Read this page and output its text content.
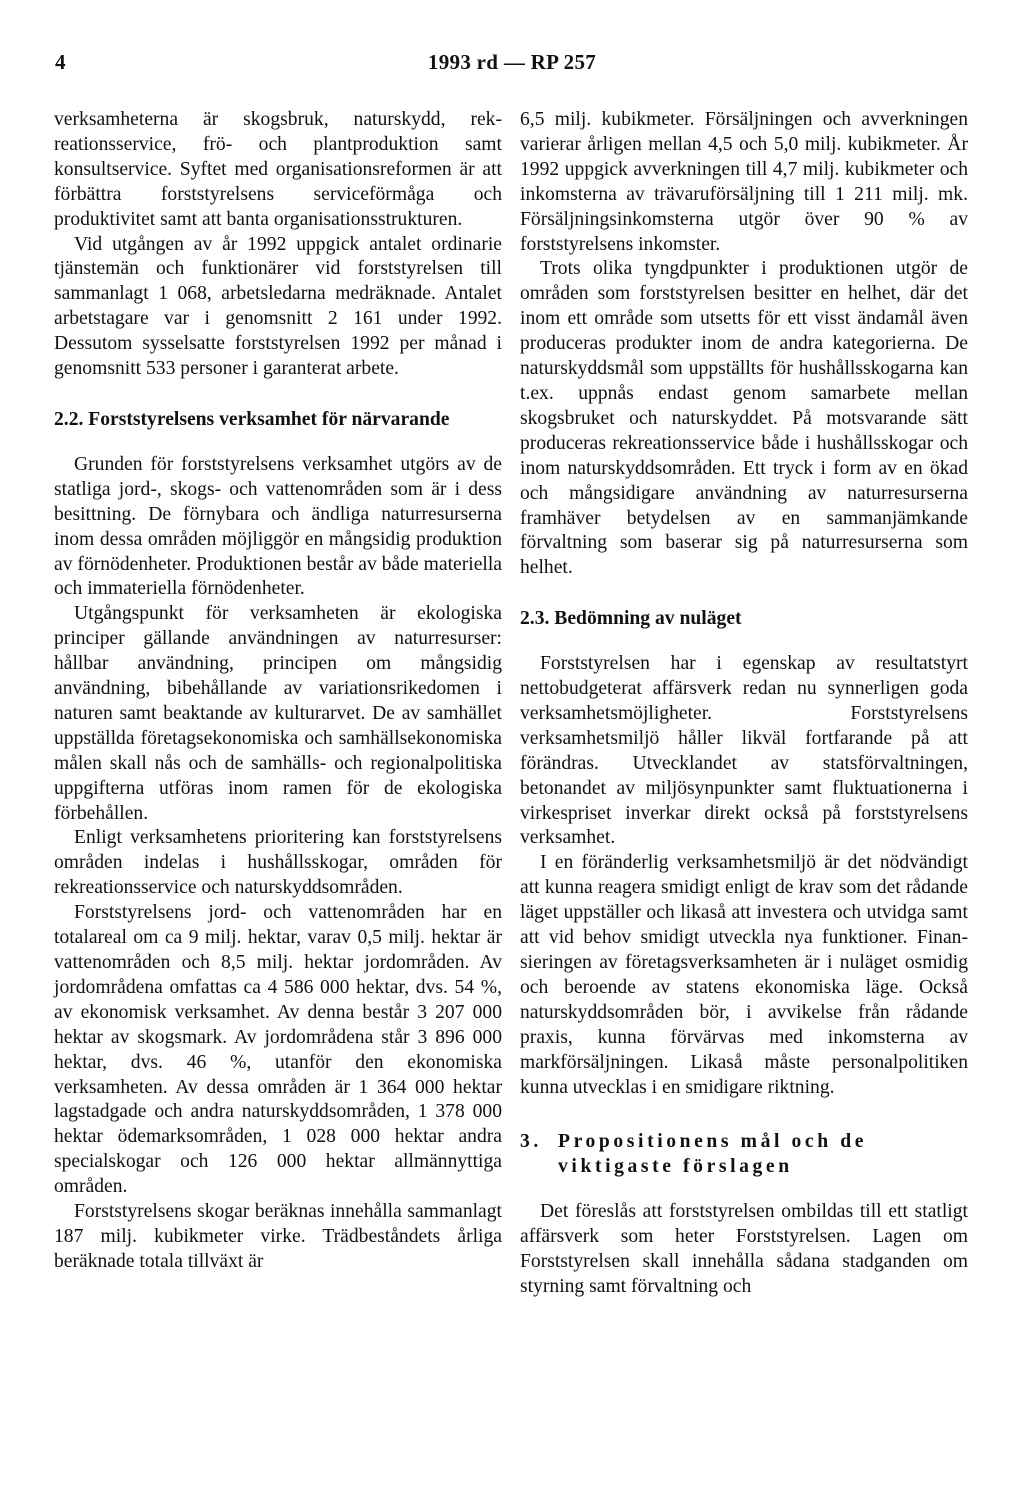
4	1993 rd — RP 257

verksamheterna är skogsbruk, naturskydd, rekreationsservice, frö- och plantproduktion samt konsultservice. Syftet med organisationsreformen är att förbättra forststyrelsens serviceförmåga och produktivitet samt att banta organisationsstrukturen.

Vid utgången av år 1992 uppgick antalet ordinarie tjänstemän och funktionärer vid forststyrelsen till sammanlagt 1 068, arbetsledarna medräknade. Antalet arbetstagare var i genomsnitt 2 161 under 1992. Dessutom sysselsatte forststyrelsen 1992 per månad i genomsnitt 533 personer i garanterat arbete.

2.2. Forststyrelsens verksamhet för närvarande

Grunden för forststyrelsens verksamhet utgörs av de statliga jord-, skogs- och vattenområden som är i dess besittning. De förnybara och ändliga naturresurserna inom dessa områden möjliggör en mångsidig produktion av förnödenheter. Produktionen består av både materiella och immateriella förnödenheter.

Utgångspunkt för verksamheten är ekologiska principer gällande användningen av naturresurser: hållbar användning, principen om mångsidig användning, bibehållande av variationsrikedomen i naturen samt beaktande av kulturarvet. De av samhället uppställda företagsekonomiska och samhällsekonomiska målen skall nås och de samhälls- och regionalpolitiska uppgifterna utföras inom ramen för de ekologiska förbehållen.

Enligt verksamhetens prioritering kan forststyrelsens områden indelas i hushållsskogar, områden för rekreationsservice och naturskyddsområden.

Forststyrelsens jord- och vattenområden har en totalareal om ca 9 milj. hektar, varav 0,5 milj. hektar är vattenområden och 8,5 milj. hektar jordområden. Av jordområdena omfattas ca 4 586 000 hektar, dvs. 54 %, av ekonomisk verksamhet. Av denna består 3 207 000 hektar av skogsmark. Av jordområdena står 3 896 000 hektar, dvs. 46 %, utanför den ekonomiska verksamheten. Av dessa områden är 1 364 000 hektar lagstadgade och andra naturskyddsområden, 1 378 000 hektar ödemarksområden, 1 028 000 hektar andra specialskogar och 126 000 hektar allmännyttiga områden.

Forststyrelsens skogar beräknas innehålla sammanlagt 187 milj. kubikmeter virke. Trädbeståndets årliga beräknade totala tillväxt är

6,5 milj. kubikmeter. Försäljningen och avverkningen varierar årligen mellan 4,5 och 5,0 milj. kubikmeter. År 1992 uppgick avverkningen till 4,7 milj. kubikmeter och inkomsterna av trävaruförsäljning till 1 211 milj. mk. Försäljningsinkomsterna utgör över 90 % av forststyrelsens inkomster.

Trots olika tyngdpunkter i produktionen utgör de områden som forststyrelsen besitter en helhet, där det inom ett område som utsetts för ett visst ändamål även produceras produkter inom de andra kategorierna. De naturskyddsmål som uppställts för hushållsskogarna kan t.ex. uppnås endast genom samarbete mellan skogsbruket och naturskyddet. På motsvarande sätt produceras rekreationsservice både i hushållsskogar och inom naturskyddsområden. Ett tryck i form av en ökad och mångsidigare användning av naturresurserna framhäver betydelsen av en sammanjämkande förvaltning som baserar sig på naturresurserna som helhet.

2.3. Bedömning av nuläget

Forststyrelsen har i egenskap av resultatstyrt nettobudgeterat affärsverk redan nu synnerligen goda verksamhetsmöjligheter. Forststyrelsens verksamhetsmiljö håller likväl fortfarande på att förändras. Utvecklandet av statsförvaltningen, betonandet av miljösynpunkter samt fluktuationerna i virkespriset inverkar direkt också på forststyrelsens verksamhet.

I en föränderlig verksamhetsmiljö är det nödvändigt att kunna reagera smidigt enligt de krav som det rådande läget uppställer och likaså att investera och utvidga samt att vid behov smidigt utveckla nya funktioner. Finansieringen av företagsverksamheten är i nuläget osmidig och beroende av statens ekonomiska läge. Också naturskyddsområden bör, i avvikelse från rådande praxis, kunna förvärvas med inkomsterna av markförsäljningen. Likaså måste personalpolitiken kunna utvecklas i en smidigare riktning.

3. Propositionens mål och de viktigaste förslagen

Det föreslås att forststyrelsen ombildas till ett statligt affärsverk som heter Forststyrelsen. Lagen om Forststyrelsen skall innehålla sådana stadganden om styrning samt förvaltning och
